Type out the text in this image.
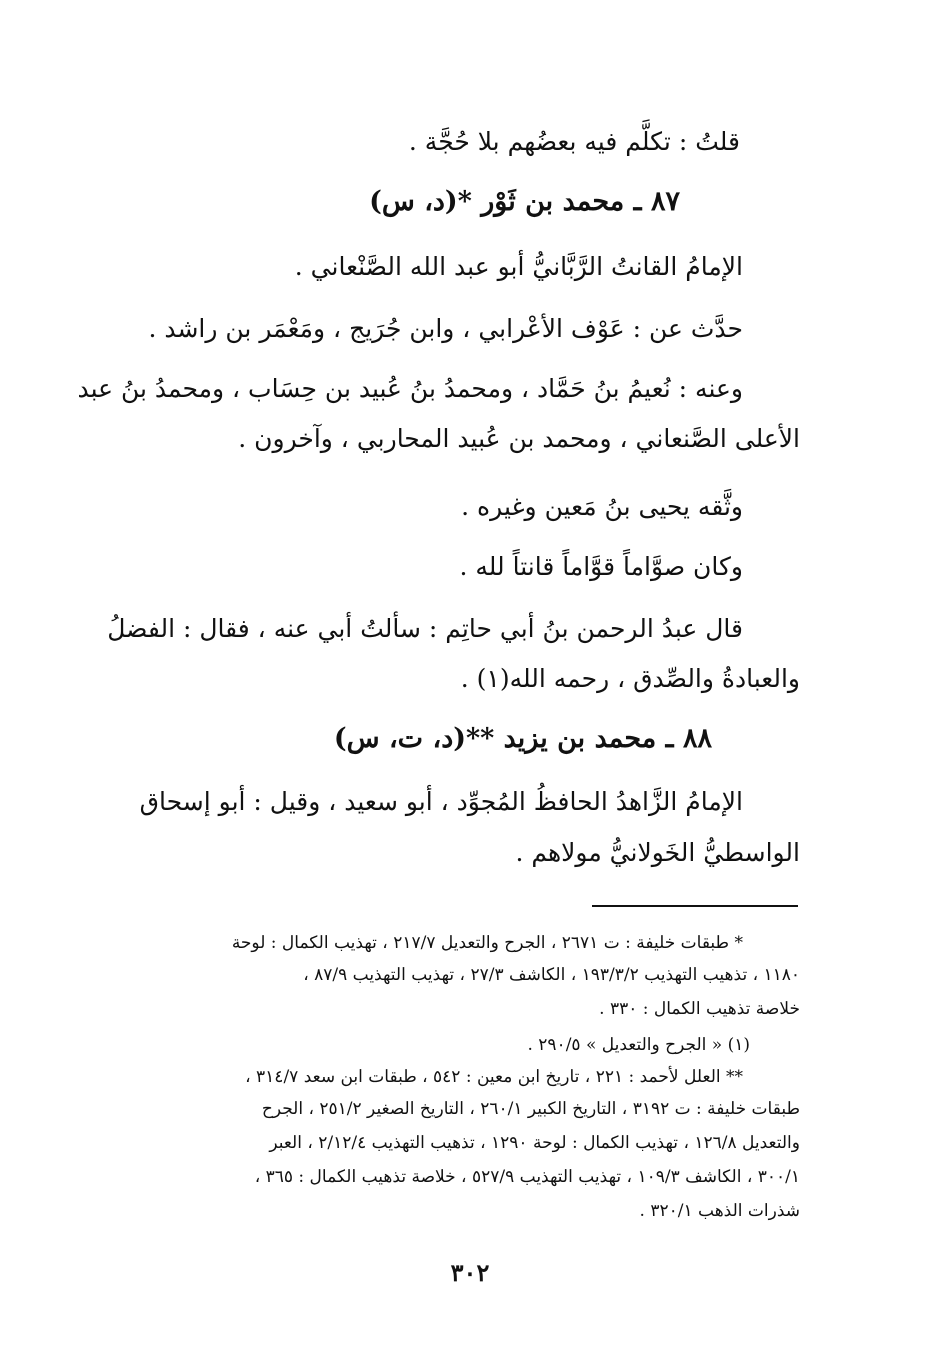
قلتُ : تكلَّم فيه بعضُهم بلا حُجَّة .
٨٧ ـ محمد بن ثَوْر *(د، س)
الإمامُ القانتُ الرَّبَّانيُّ أبو عبد الله الصَّنْعاني .
حدَّث عن : عَوْف الأعْرابي ، وابن جُرَيج ، ومَعْمَر بن راشد .
وعنه : نُعيمُ بنُ حَمَّاد ، ومحمدُ بنُ عُبيد بن حِسَاب ، ومحمدُ بنُ عبد
الأعلى الصَّنعاني ، ومحمد بن عُبيد المحاربي ، وآخرون .
وثَّقه يحيى بنُ مَعين وغيره .
وكان صوَّاماً قوَّاماً قانتاً لله .
قال عبدُ الرحمن بنُ أبي حاتِم : سألتُ أبي عنه ، فقال : الفضلُ
والعبادةُ والصِّدق ، رحمه الله(١) .
٨٨ ـ محمد بن يزيد **(د، ت، س)
الإمامُ الزَّاهدُ الحافظُ المُجوِّد ، أبو سعيد ، وقيل : أبو إسحاق
الواسطيُّ الخَولانيُّ مولاهم .
* طبقات خليفة : ت ٢٦٧١ ، الجرح والتعديل ٢١٧/٧ ، تهذيب الكمال : لوحة
١١٨٠ ، تذهيب التهذيب ١٩٣/٣/٢ ، الكاشف ٢٧/٣ ، تهذيب التهذيب ٨٧/٩ ،
خلاصة تذهيب الكمال : ٣٣٠ .
(١) « الجرح والتعديل » ٢٩٠/٥ .
** العلل لأحمد : ٢٢١ ، تاريخ ابن معين : ٥٤٢ ، طبقات ابن سعد ٣١٤/٧ ،
طبقات خليفة : ت ٣١٩٢ ، التاريخ الكبير ٢٦٠/١ ، التاريخ الصغير ٢٥١/٢ ، الجرح
والتعديل ١٢٦/٨ ، تهذيب الكمال : لوحة ١٢٩٠ ، تذهيب التهذيب ٢/١٢/٤ ، العبر
٣٠٠/١ ، الكاشف ١٠٩/٣ ، تهذيب التهذيب ٥٢٧/٩ ، خلاصة تذهيب الكمال : ٣٦٥ ،
شذرات الذهب ٣٢٠/١ .
٣٠٢
